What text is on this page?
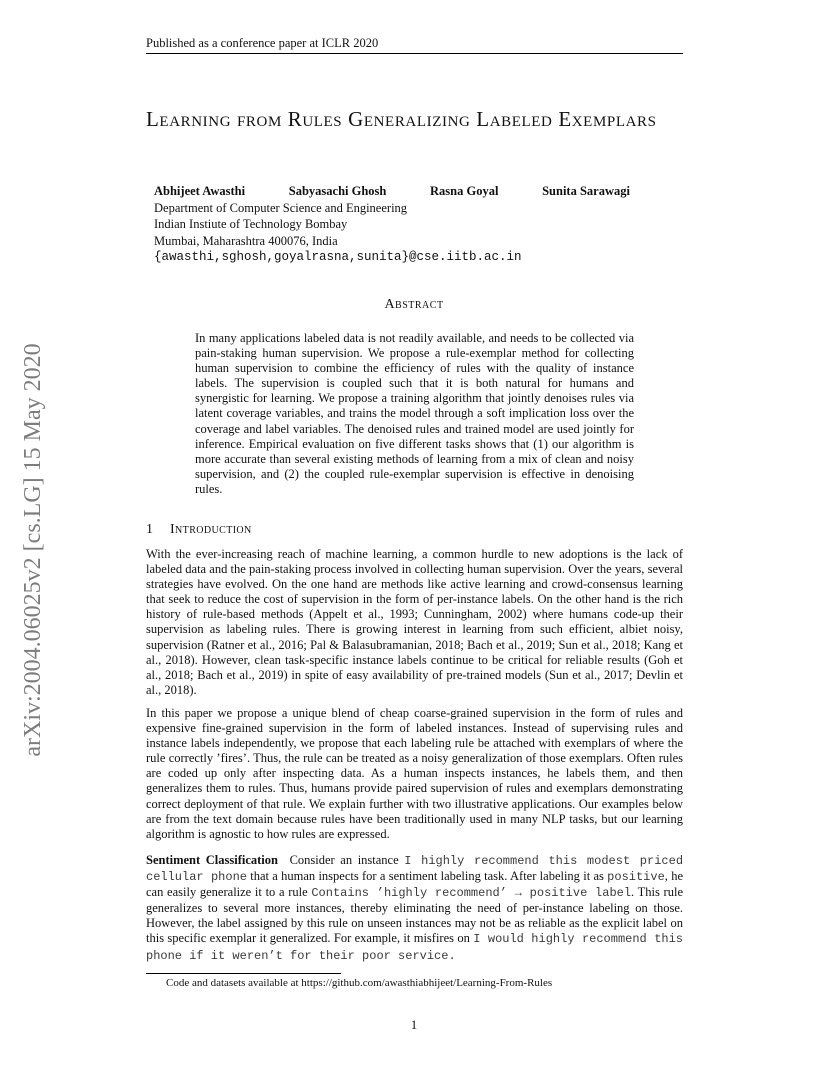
Published as a conference paper at ICLR 2020
arXiv:2004.06025v2 [cs.LG] 15 May 2020
Learning from Rules Generalizing Labeled Exemplars
Abhijeet Awasthi	Sabyasachi Ghosh	Rasna Goyal	Sunita Sarawagi
Department of Computer Science and Engineering
Indian Instiute of Technology Bombay
Mumbai, Maharashtra 400076, India
{awasthi,sghosh,goyalrasna,sunita}@cse.iitb.ac.in
Abstract
In many applications labeled data is not readily available, and needs to be collected via pain-staking human supervision. We propose a rule-exemplar method for collecting human supervision to combine the efficiency of rules with the quality of instance labels. The supervision is coupled such that it is both natural for humans and synergistic for learning. We propose a training algorithm that jointly denoises rules via latent coverage variables, and trains the model through a soft implication loss over the coverage and label variables. The denoised rules and trained model are used jointly for inference. Empirical evaluation on five different tasks shows that (1) our algorithm is more accurate than several existing methods of learning from a mix of clean and noisy supervision, and (2) the coupled rule-exemplar supervision is effective in denoising rules.
1 Introduction

With the ever-increasing reach of machine learning, a common hurdle to new adoptions is the lack of labeled data and the pain-staking process involved in collecting human supervision. Over the years, several strategies have evolved. On the one hand are methods like active learning and crowd-consensus learning that seek to reduce the cost of supervision in the form of per-instance labels. On the other hand is the rich history of rule-based methods (Appelt et al., 1993; Cunningham, 2002) where humans code-up their supervision as labeling rules. There is growing interest in learning from such efficient, albiet noisy, supervision (Ratner et al., 2016; Pal & Balasubramanian, 2018; Bach et al., 2019; Sun et al., 2018; Kang et al., 2018). However, clean task-specific instance labels continue to be critical for reliable results (Goh et al., 2018; Bach et al., 2019) in spite of easy availability of pre-trained models (Sun et al., 2017; Devlin et al., 2018).

In this paper we propose a unique blend of cheap coarse-grained supervision in the form of rules and expensive fine-grained supervision in the form of labeled instances. Instead of supervising rules and instance labels independently, we propose that each labeling rule be attached with exemplars of where the rule correctly ’fires’. Thus, the rule can be treated as a noisy generalization of those exemplars. Often rules are coded up only after inspecting data. As a human inspects instances, he labels them, and then generalizes them to rules. Thus, humans provide paired supervision of rules and exemplars demonstrating correct deployment of that rule. We explain further with two illustrative applications. Our examples below are from the text domain because rules have been traditionally used in many NLP tasks, but our learning algorithm is agnostic to how rules are expressed.

Sentiment Classification Consider an instance I highly recommend this modest priced cellular phone that a human inspects for a sentiment labeling task. After labeling it as positive, he can easily generalize it to a rule Contains ’highly recommend’ → positive label. This rule generalizes to several more instances, thereby eliminating the need of per-instance labeling on those. However, the label assigned by this rule on unseen instances may not be as reliable as the explicit label on this specific exemplar it generalized. For example, it misfires on I would highly recommend this phone if it weren’t for their poor service.

Code and datasets available at https://github.com/awasthiabhijeet/Learning-From-Rules
1
